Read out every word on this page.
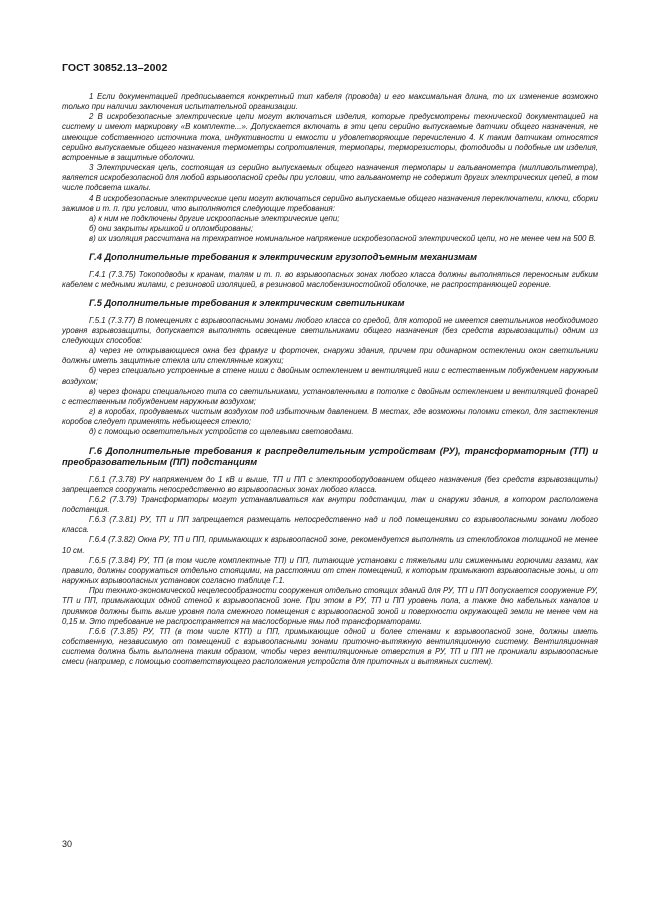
ГОСТ 30852.13–2002

1 Если документацией предписывается конкретный тип кабеля (провода) и его максимальная длина, то их изменение возможно только при наличии заключения испытательной организации.

2 В искробезопасные электрические цепи могут включаться изделия, которые предусмотрены технической документацией на систему и имеют маркировку «В комплекте...». Допускается включать в эти цепи серийно выпускаемые датчики общего назначения, не имеющие собственного источника тока, индуктивности и емкости и удовлетворяющие перечислению 4. К таким датчикам относятся серийно выпускаемые общего назначения термометры сопротивления, термопары, терморезисторы, фотодиоды и подобные им изделия, встроенные в защитные оболочки.

3 Электрическая цепь, состоящая из серийно выпускаемых общего назначения термопары и гальванометра (милливольтметра), является искробезопасной для любой взрывоопасной среды при условии, что гальванометр не содержит других электрических цепей, в том числе подсвета шкалы.

4 В искробезопасные электрические цепи могут включаться серийно выпускаемые общего назначения переключатели, ключи, сборки зажимов и т. п. при условии, что выполняются следующие требования:

а) к ним не подключены другие искроопасные электрические цепи;

б) они закрыты крышкой и опломбированы;

в) их изоляция рассчитана на трехкратное номинальное напряжение искробезопасной электрической цепи, но не менее чем на 500 В.

Г.4 Дополнительные требования к электрическим грузоподъемным механизмам

Г.4.1 (7.3.75) Токоподводы к кранам, талям и т. п. во взрывоопасных зонах любого класса должны выполняться переносным гибким кабелем с медными жилами, с резиновой изоляцией, в резиновой маслобензиностойкой оболочке, не распространяющей горение.

Г.5 Дополнительные требования к электрическим светильникам

Г.5.1 (7.3.77) В помещениях с взрывоопасными зонами любого класса со средой, для которой не имеется светильников необходимого уровня взрывозащиты, допускается выполнять освещение светильниками общего назначения (без средств взрывозащиты) одним из следующих способов:

а) через не открывающиеся окна без фрамуг и форточек, снаружи здания, причем при одинарном остеклении окон светильники должны иметь защитные стекла или стеклянные кожухи;

б) через специально устроенные в стене ниши с двойным остеклением и вентиляцией ниш с естественным побуждением наружным воздухом;

в) через фонари специального типа со светильниками, установленными в потолке с двойным остеклением и вентиляцией фонарей с естественным побуждением наружным воздухом;

г) в коробах, продуваемых чистым воздухом под избыточным давлением. В местах, где возможны поломки стекол, для застекления коробов следует применять небьющееся стекло;

д) с помощью осветительных устройств со щелевыми световодами.

Г.6 Дополнительные требования к распределительным устройствам (РУ), трансформаторным (ТП) и преобразовательным (ПП) подстанциям

Г.6.1 (7.3.78) РУ напряжением до 1 кВ и выше, ТП и ПП с электрооборудованием общего назначения (без средств взрывозащиты) запрещается сооружать непосредственно во взрывоопасных зонах любого класса.

Г.6.2 (7.3.79) Трансформаторы могут устанавливаться как внутри подстанции, так и снаружи здания, в котором расположена подстанция.

Г.6.3 (7.3.81) РУ, ТП и ПП запрещается размещать непосредственно над и под помещениями со взрывоопасными зонами любого класса.

Г.6.4 (7.3.82) Окна РУ, ТП и ПП, примыкающих к взрывоопасной зоне, рекомендуется выполнять из стеклоблоков толщиной не менее 10 см.

Г.6.5 (7.3.84) РУ, ТП (в том числе комплектные ТП) и ПП, питающие установки с тяжелыми или сжиженными горючими газами, как правило, должны сооружаться отдельно стоящими, на расстоянии от стен помещений, к которым примыкают взрывоопасные зоны, и от наружных взрывоопасных установок согласно таблице Г.1.

При технико-экономической нецелесообразности сооружения отдельно стоящих зданий для РУ, ТП и ПП допускается сооружение РУ, ТП и ПП, примыкающих одной стеной к взрывоопасной зоне. При этом в РУ, ТП и ПП уровень пола, а также дно кабельных каналов и приямков должны быть выше уровня пола смежного помещения с взрывоопасной зоной и поверхности окружающей земли не менее чем на 0,15 м. Это требование не распространяется на маслосборные ямы под трансформаторами.

Г.6.6 (7.3.85) РУ, ТП (в том числе КТП) и ПП, примыкающие одной и более стенами к взрывоопасной зоне, должны иметь собственную, независимую от помещений с взрывоопасными зонами приточно-вытяжную вентиляционную систему. Вентиляционная система должна быть выполнена таким образом, чтобы через вентиляционные отверстия в РУ, ТП и ПП не проникали взрывоопасные смеси (например, с помощью соответствующего расположения устройств для приточных и вытяжных систем).

30
